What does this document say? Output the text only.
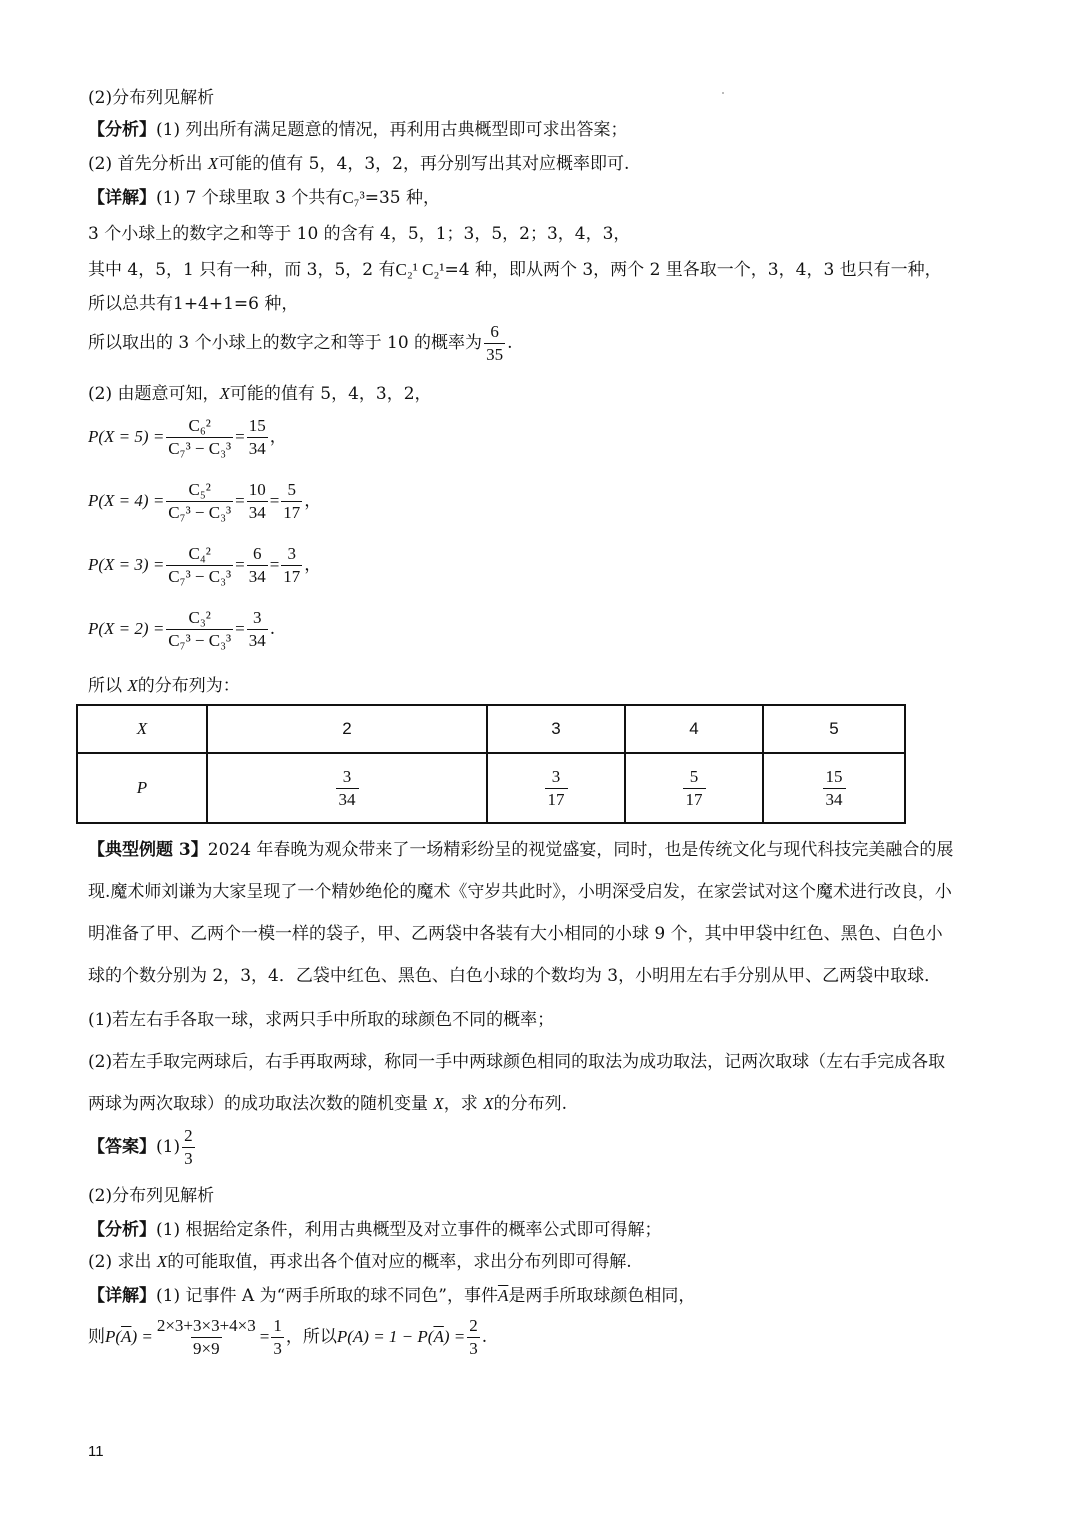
(2)分布列见解析
【分析】(1) 列出所有满足题意的情况，再利用古典概型即可求出答案；
(2) 首先分析出 X可能的值有 5，4，3，2，再分别写出其对应概率即可.
【详解】(1) 7 个球里取 3 个共有C₇³=35 种，
3 个小球上的数字之和等于 10 的含有 4，5，1；3，5，2；3，4，3，
其中 4，5，1 只有一种，而 3，5，2 有C₂¹ C₂¹=4 种，即从两个 3，两个 2 里各取一个，3，4，3 也只有一种，
所以总共有1+4+1=6 种，
所以取出的 3 个小球上的数字之和等于 10 的概率为 $\frac{6}{35}$ .
(2) 由题意可知，X可能的值有 5，4，3，2，
$P(X = 5) = \frac{\text{C₆²}}{\text{C₇³ − C₃³}} = \frac{15}{34}$ ，
$P(X = 4) = \frac{\text{C₅²}}{\text{C₇³ − C₃³}} = \frac{10}{34} = \frac{5}{17}$ ，
$P(X = 3) = \frac{\text{C₄²}}{\text{C₇³ − C₃³}} = \frac{6}{34} = \frac{3}{17}$ ，
$P(X = 2) = \frac{\text{C₃²}}{\text{C₇³ − C₃³}} = \frac{3}{34}$ .
所以 X的分布列为：
X	2	3	4	5
P	$\frac{3}{34}$	$\frac{3}{17}$	$\frac{5}{17}$	$\frac{15}{34}$
【典型例题 3】2024 年春晚为观众带来了一场精彩纷呈的视觉盛宴，同时，也是传统文化与现代科技完美融合的展
现.魔术师刘谦为大家呈现了一个精妙绝伦的魔术《守岁共此时》，小明深受启发，在家尝试对这个魔术进行改良，小
明准备了甲、乙两个一模一样的袋子，甲、乙两袋中各装有大小相同的小球 9 个，其中甲袋中红色、黑色、白色小
球的个数分别为 2，3，4．乙袋中红色、黑色、白色小球的个数均为 3，小明用左右手分别从甲、乙两袋中取球．
(1)若左右手各取一球，求两只手中所取的球颜色不同的概率；
(2)若左手取完两球后，右手再取两球，称同一手中两球颜色相同的取法为成功取法，记两次取球（左右手完成各取
两球为两次取球）的成功取法次数的随机变量 X，求 X的分布列.
【答案】$(1) \frac{2}{3}$
(2)分布列见解析
【分析】(1) 根据给定条件，利用古典概型及对立事件的概率公式即可得解；
(2) 求出 X的可能取值，再求出各个值对应的概率，求出分布列即可得解.
【详解】(1) 记事件 A 为“两手所取的球不同色”，事件$\overline{A}$是两手所取球颜色相同，
则$P(\overline{A}) = \frac{2\times 3+3\times 3+4\times 3}{9\times 9} = \frac{1}{3}$ ，所以$P(A) = 1 - P(\overline{A}) = \frac{2}{3}$ .
11
